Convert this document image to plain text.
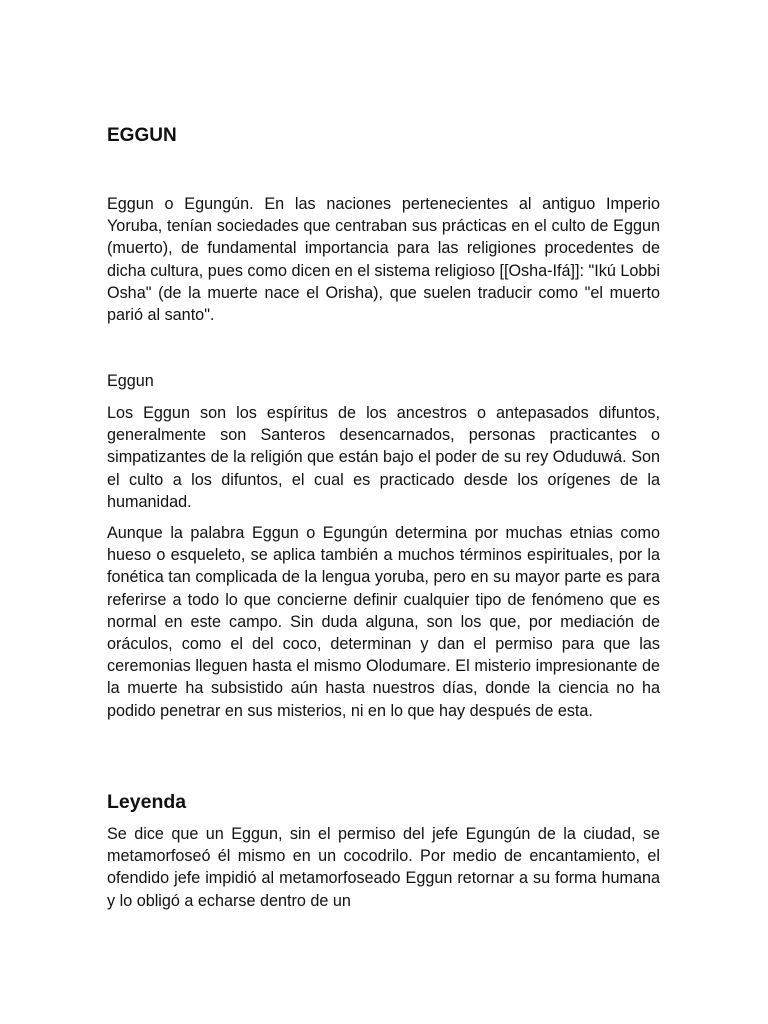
EGGUN

Eggun o Egungún. En las naciones pertenecientes al antiguo Imperio Yoruba, tenían sociedades que centraban sus prácticas en el culto de Eggun (muerto), de fundamental importancia para las religiones procedentes de dicha cultura, pues como dicen en el sistema religioso [[Osha-Ifá]]: "Ikú Lobbi Osha" (de la muerte nace el Orisha), que suelen traducir como "el muerto parió al santo".

Eggun

Los Eggun son los espíritus de los ancestros o antepasados difuntos, generalmente son Santeros desencarnados, personas practicantes o simpatizantes de la religión que están bajo el poder de su rey Oduduwá. Son el culto a los difuntos, el cual es practicado desde los orígenes de la humanidad.

Aunque la palabra Eggun o Egungún determina por muchas etnias como hueso o esqueleto, se aplica también a muchos términos espirituales, por la fonética tan complicada de la lengua yoruba, pero en su mayor parte es para referirse a todo lo que concierne definir cualquier tipo de fenómeno que es normal en este campo. Sin duda alguna, son los que, por mediación de oráculos, como el del coco, determinan y dan el permiso para que las ceremonias lleguen hasta el mismo Olodumare. El misterio impresionante de la muerte ha subsistido aún hasta nuestros días, donde la ciencia no ha podido penetrar en sus misterios, ni en lo que hay después de esta.

Leyenda

Se dice que un Eggun, sin el permiso del jefe Egungún de la ciudad, se metamorfoseó él mismo en un cocodrilo. Por medio de encantamiento, el ofendido jefe impidió al metamorfoseado Eggun retornar a su forma humana y lo obligó a echarse dentro de un
